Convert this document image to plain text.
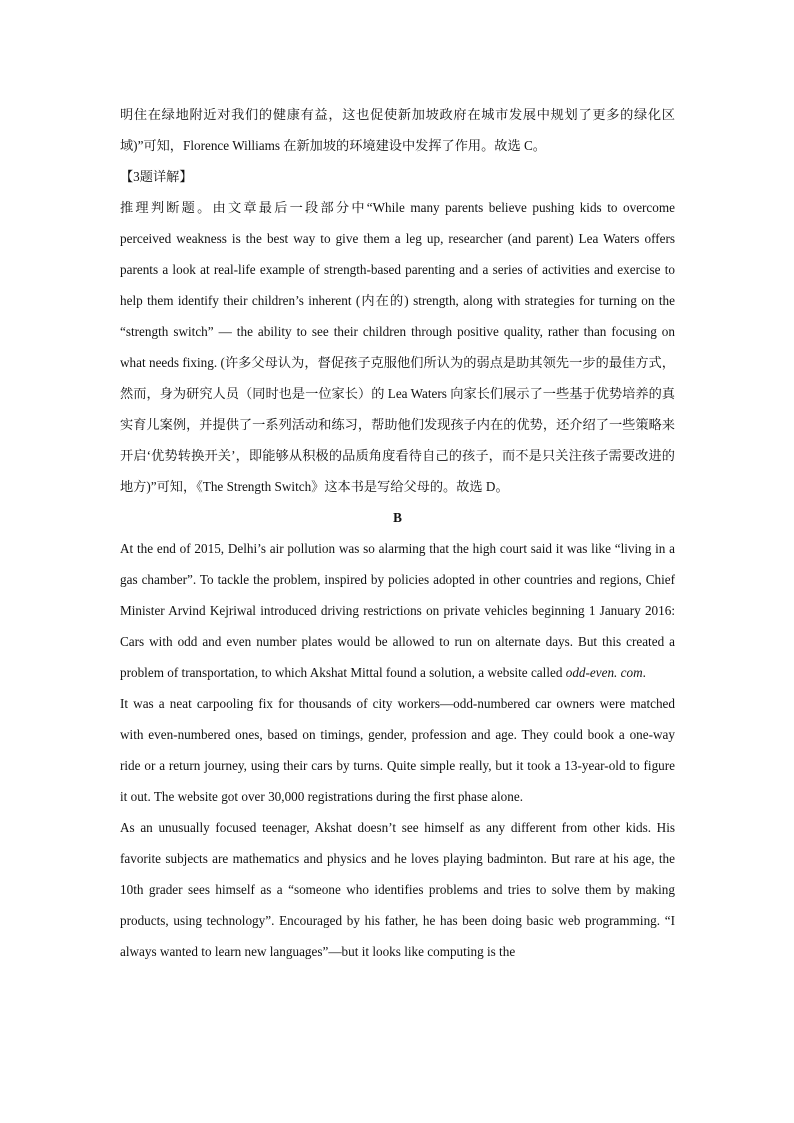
明住在绿地附近对我们的健康有益，这也促使新加坡政府在城市发展中规划了更多的绿化区域)”可知，Florence Williams 在新加坡的环境建设中发挥了作用。故选 C。

【3题详解】

推理判断题。由文章最后一段部分中“While many parents believe pushing kids to overcome perceived weakness is the best way to give them a leg up, researcher (and parent) Lea Waters offers parents a look at real-life example of strength-based parenting and a series of activities and exercise to help them identify their children’s inherent (内在的) strength, along with strategies for turning on the “strength switch” — the ability to see their children through positive quality, rather than focusing on what needs fixing. (许多父母认为，督促孩子克服他们所认为的弱点是助其领先一步的最佳方式，然而，身为研究人员（同时也是一位家长）的 Lea Waters 向家长们展示了一些基于优势培养的真实育儿案例，并提供了一系列活动和练习，帮助他们发现孩子内在的优势，还介绍了一些策略来开启‘优势转换开关’，即能够从积极的品质角度看待自己的孩子，而不是只关注孩子需要改进的地方)”可知，《The Strength Switch》这本书是写给父母的。故选 D。

B

At the end of 2015, Delhi’s air pollution was so alarming that the high court said it was like “living in a gas chamber”. To tackle the problem, inspired by policies adopted in other countries and regions, Chief Minister Arvind Kejriwal introduced driving restrictions on private vehicles beginning 1 January 2016: Cars with odd and even number plates would be allowed to run on alternate days. But this created a problem of transportation, to which Akshat Mittal found a solution, a website called odd-even. com.

It was a neat carpooling fix for thousands of city workers—odd-numbered car owners were matched with even-numbered ones, based on timings, gender, profession and age. They could book a one-way ride or a return journey, using their cars by turns. Quite simple really, but it took a 13-year-old to figure it out. The website got over 30,000 registrations during the first phase alone.

As an unusually focused teenager, Akshat doesn’t see himself as any different from other kids. His favorite subjects are mathematics and physics and he loves playing badminton. But rare at his age, the 10th grader sees himself as a “someone who identifies problems and tries to solve them by making products, using technology”. Encouraged by his father, he has been doing basic web programming. “I always wanted to learn new languages”—but it looks like computing is the
